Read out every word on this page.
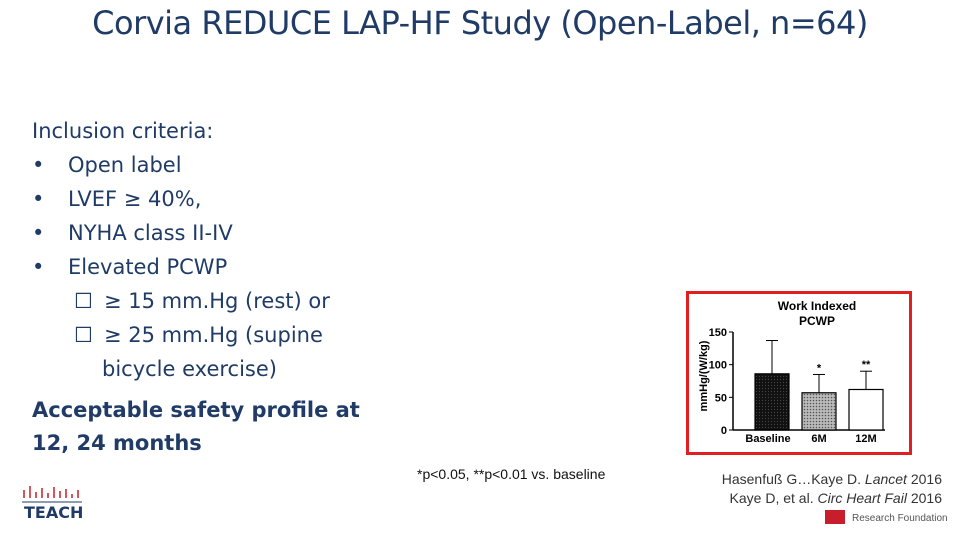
Corvia REDUCE LAP-HF Study (Open-Label, n=64)
Inclusion criteria:
•	Open label
•	LVEF ≥ 40%,
•	NYHA class II-IV
•	Elevated PCWP
☐ ≥ 15 mm.Hg (rest) or
☐ ≥ 25 mm.Hg (supine
bicycle exercise)
Acceptable safety profile at
12, 24 months
Work Indexed
PCWP
mmHg/(W/kg)
0
50
100
150
Baseline
*
6M
**
12M
*p<0.05, **p<0.01 vs. baseline
Research Foundation
Hasenfuß G…Kaye D. Lancet 2016
Kaye D, et al. Circ Heart Fail 2016
TEACH
